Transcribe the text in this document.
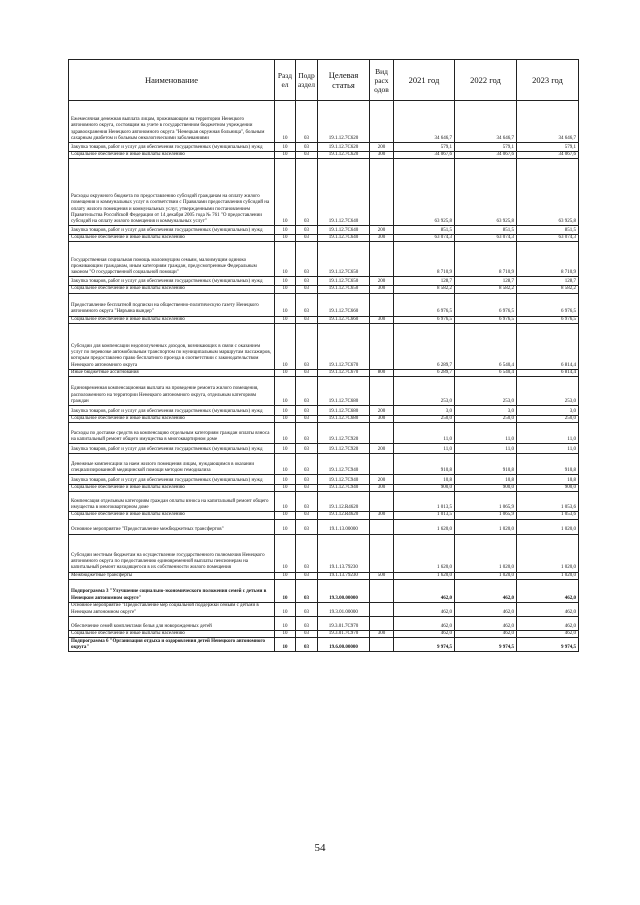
Наименование	Разд ел	Подр аздел	Целевая статья	Вид расх одов	2021 год	2022 год	2023 год
Ежемесячная денежная выплата лицам, проживающим на территории Ненецкого автономного округа, состоящим на учете в государственном бюджетном учреждении здравоохранения Ненецкого автономного округа "Ненецкая окружная больница", больным сахарным диабетом и больным онкологическими заболеваниями	10	03	19.1.12.7С620		34 646,7	34 646,7	34 646,7
Закупка товаров, работ и услуг для обеспечения государственных (муниципальных) нужд	10	03	19.1.12.7С620	200	579,1	579,1	579,1
Социальное обеспечение и иные выплаты населению	10	03	19.1.12.7С620	300	34 067,6	34 067,6	34 067,6
Расходы окружного бюджета по предоставлению субсидий гражданам на оплату жилого помещения и коммунальных услуг в соответствии с Правилами предоставления субсидий на оплату жилого помещения и коммунальных услуг, утвержденными постановлением Правительства Российской Федерации от 14 декабря 2005 года № 761 "О предоставлении субсидий на оплату жилого помещения и коммунальных услуг"	10	03	19.1.12.7С640		63 925,8	63 925,8	63 925,8
Закупка товаров, работ и услуг для обеспечения государственных (муниципальных) нужд	10	03	19.1.12.7С640	200	851,5	851,5	851,5
Социальное обеспечение и иные выплаты населению	10	03	19.1.12.7С640	300	63 074,3	63 074,3	63 074,3
Государственная социальная помощь малоимущим семьям, малоимущим одиноко проживающим гражданам, иным категориям граждан, предусмотренные Федеральным законом "О государственной социальной помощи"	10	03	19.1.12.7С650		8 710,9	8 710,9	8 710,9
Закупка товаров, работ и услуг для обеспечения государственных (муниципальных) нужд	10	03	19.1.12.7С650	200	128,7	128,7	128,7
Социальное обеспечение и иные выплаты населению	10	03	19.1.12.7С650	300	8 582,2	8 582,2	8 582,2
Предоставление бесплатной подписки на общественно-политическую газету Ненецкого автономного округа "Няръяна вындер"	10	03	19.1.12.7С660		6 976,5	6 976,5	6 976,5
Социальное обеспечение и иные выплаты населению	10	03	19.1.12.7С660	300	6 976,5	6 976,5	6 976,5
Субсидии для компенсации недополученных доходов, возникающих в связи с оказанием услуг по перевозке автомобильным транспортом по муниципальным маршрутам пассажиров, которым предоставлено право бесплатного проезда в соответствии с законодательством Ненецкого автономного округа	10	03	19.1.12.7С670		6 289,7	6 540,4	6 814,4
Иные бюджетные ассигнования	10	03	19.1.12.7С670	800	6 289,7	6 540,4	6 814,4
Единовременная компенсационная выплата на проведение ремонта жилого помещения, расположенного на территории Ненецкого автономного округа, отдельным категориям граждан	10	03	19.1.12.7С680		253,0	253,0	253,0
Закупка товаров, работ и услуг для обеспечения государственных (муниципальных) нужд	10	03	19.1.12.7С680	200	3,0	3,0	3,0
Социальное обеспечение и иные выплаты населению	10	03	19.1.12.7С680	300	250,0	250,0	250,0
Расходы по доставке средств на компенсацию отдельным категориям граждан оплаты взноса на капитальный ремонт общего имущества в многоквартирном доме	10	03	19.1.12.7С920		11,0	11,0	11,0
Закупка товаров, работ и услуг для обеспечения государственных (муниципальных) нужд	10	03	19.1.12.7С920	200	11,0	11,0	11,0
Денежные компенсации за наем жилого помещения лицам, нуждающимся в оказании специализированной медицинской помощи методом гемодиализа	10	03	19.1.12.7С940		910,8	910,8	910,8
Закупка товаров, работ и услуг для обеспечения государственных (муниципальных) нужд	10	03	19.1.12.7С940	200	10,8	10,8	10,8
Социальное обеспечение и иные выплаты населению	10	03	19.1.12.7С940	300	900,0	900,0	900,0
Компенсация отдельным категориям граждан оплаты взноса на капитальный ремонт общего имущества в многоквартирном доме	10	03	19.1.12.R4620		1 013,5	1 065,9	1 053,6
Социальное обеспечение и иные выплаты населению	10	03	19.1.12.R4620	300	1 013,5	1 065,9	1 053,6
Основное мероприятие "Предоставление межбюджетных трансфертов"	10	03	19.1.13.00000		1 620,0	1 020,0	1 020,0
Субсидии местным бюджетам на осуществление государственного полномочия Ненецкого автономного округа по предоставлению единовременной выплаты пенсионерам на капитальный ремонт находящегося в их собственности жилого помещения	10	03	19.1.13.79230		1 620,0	1 020,0	1 020,0
Межбюджетные трансферты	10	03	19.1.13.79230	500	1 620,0	1 020,0	1 020,0
Подпрограмма 3 "Улучшение социально-экономического положения семей с детьми в Ненецком автономном округе"	10	03	19.3.00.00000		462,0	462,0	462,0
Основное мероприятие "Предоставление мер социальной поддержки семьям с детьми в Ненецком автономном округе"	10	03	19.3.01.00000		462,0	462,0	462,0
Обеспечение семей комплектами белья для новорожденных детей	10	03	19.3.01.7С970		462,0	462,0	462,0
Социальное обеспечение и иные выплаты населению	10	03	19.3.01.7С970	300	462,0	462,0	462,0
Подпрограмма 6 "Организация отдыха и оздоровления детей Ненецкого автономного округа"	10	03	19.6.00.00000		9 974,5	9 974,5	9 974,5
54
